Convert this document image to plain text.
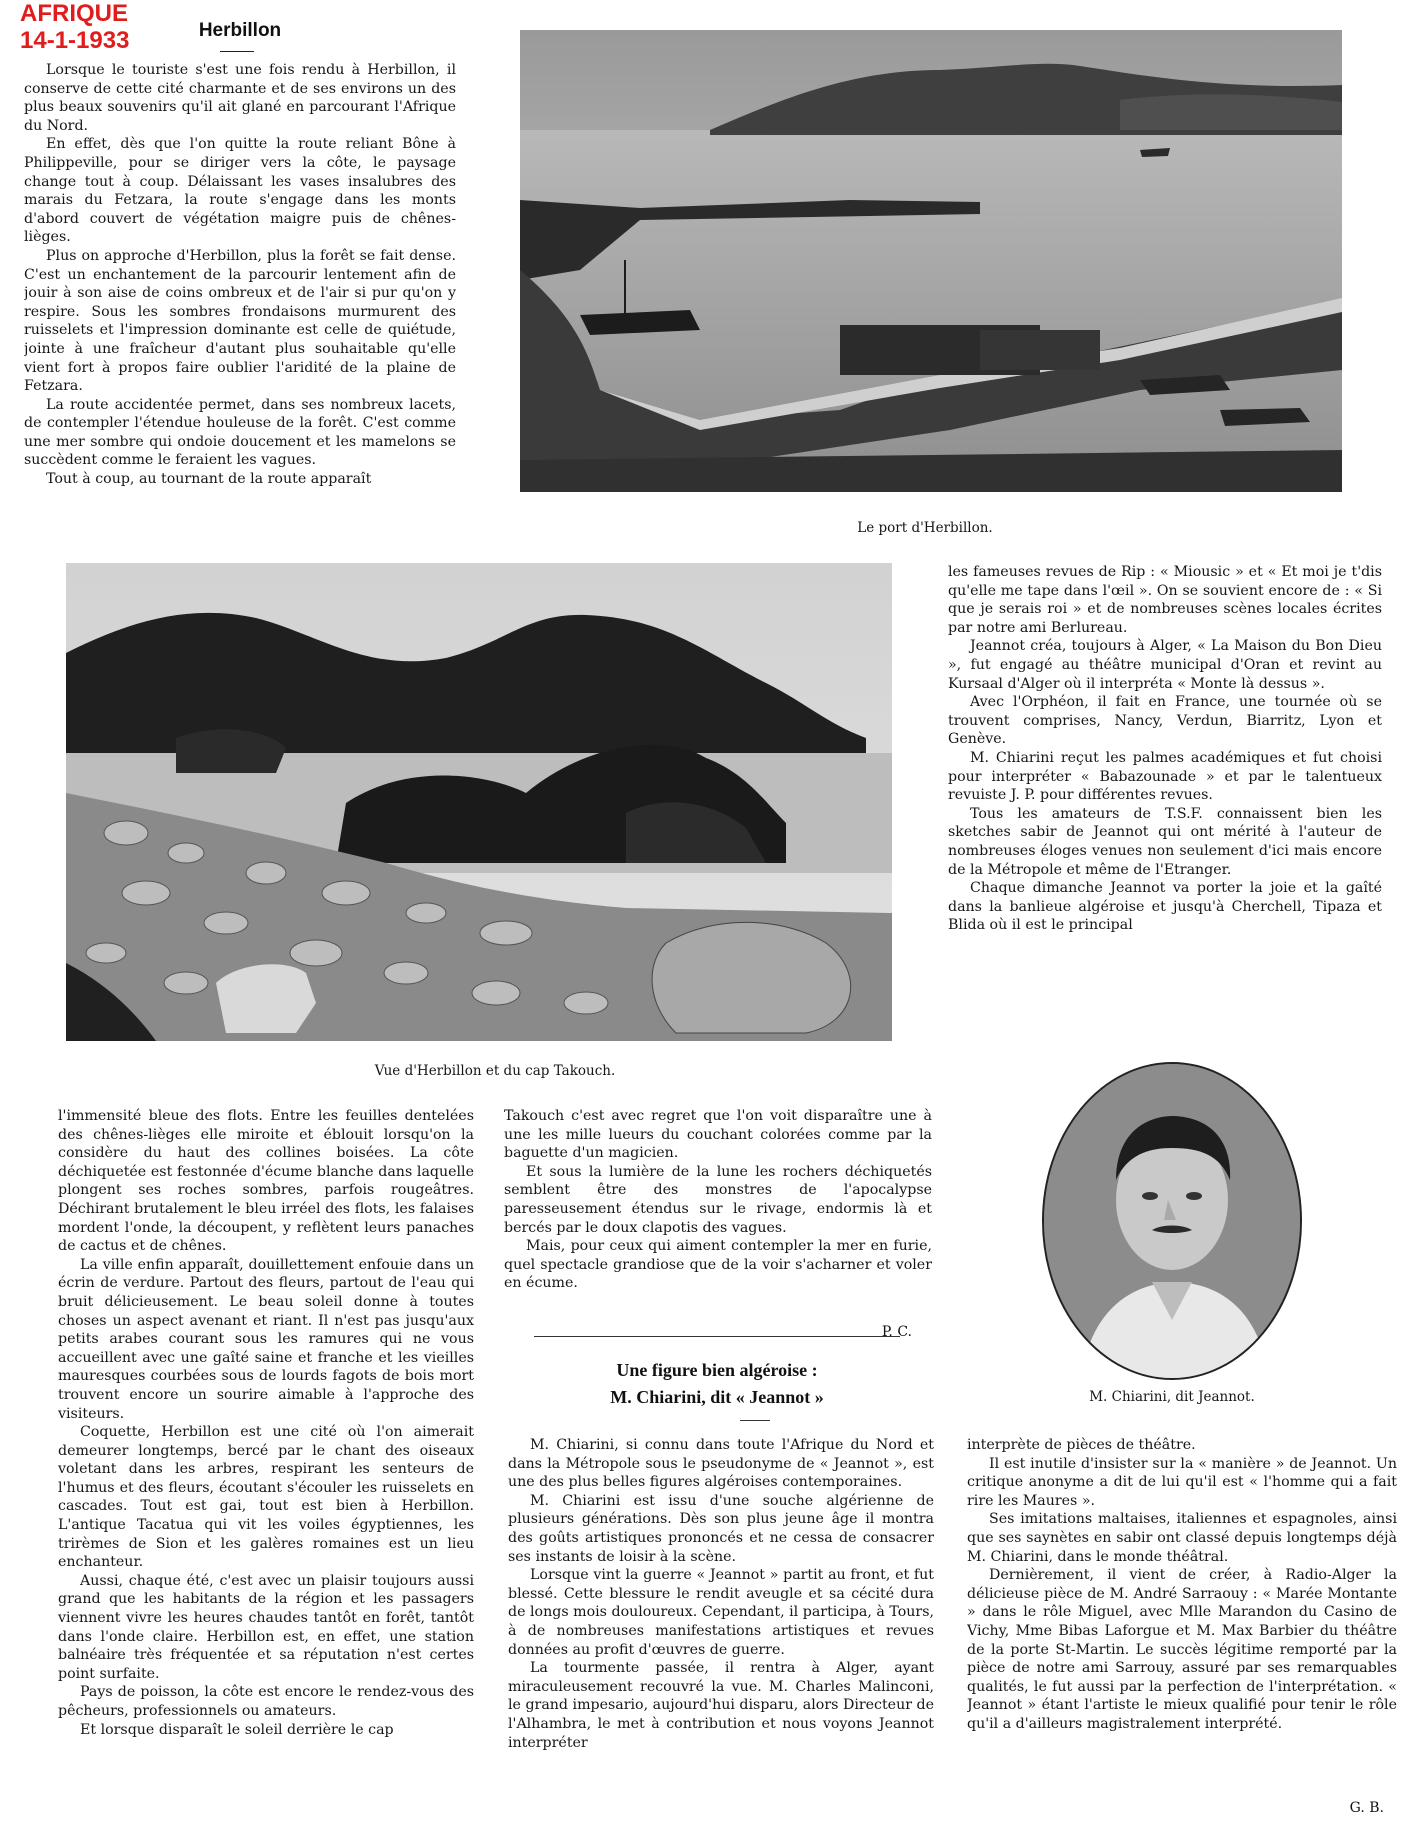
AFRIQUE
14-1-1933	Herbillon

Lorsque le touriste s'est une fois rendu à Herbillon, il conserve de cette cité charmante et de ses environs un des plus beaux souvenirs qu'il ait glané en parcourant l'Afrique du Nord.

En effet, dès que l'on quitte la route reliant Bône à Philippeville, pour se diriger vers la côte, le paysage change tout à coup. Délaissant les vases insalubres des marais du Fetzara, la route s'engage dans les monts d'abord couvert de végétation maigre puis de chênes-lièges.

Plus on approche d'Herbillon, plus la forêt se fait dense. C'est un enchantement de la parcourir lentement afin de jouir à son aise de coins ombreux et de l'air si pur qu'on y respire. Sous les sombres frondaisons murmurent des ruisselets et l'impression dominante est celle de quiétude, jointe à une fraîcheur d'autant plus souhaitable qu'elle vient fort à propos faire oublier l'aridité de la plaine de Fetzara.

La route accidentée permet, dans ses nombreux lacets, de contempler l'étendue houleuse de la forêt. C'est comme une mer sombre qui ondoie doucement et les mamelons se succèdent comme le feraient les vagues.

Tout à coup, au tournant de la route apparaît

Le port d'Herbillon.
Vue d'Herbillon et du cap Takouch.

l'immensité bleue des flots. Entre les feuilles dentelées des chênes-lièges elle miroite et éblouit lorsqu'on la considère du haut des collines boisées. La côte déchiquetée est festonnée d'écume blanche dans laquelle plongent ses roches sombres, parfois rougeâtres. Déchirant brutalement le bleu irréel des flots, les falaises mordent l'onde, la découpent, y reflètent leurs panaches de cactus et de chênes.

La ville enfin apparaît, douillettement enfouie dans un écrin de verdure. Partout des fleurs, partout de l'eau qui bruit délicieusement. Le beau soleil donne à toutes choses un aspect avenant et riant. Il n'est pas jusqu'aux petits arabes courant sous les ramures qui ne vous accueillent avec une gaîté saine et franche et les vieilles mauresques courbées sous de lourds fagots de bois mort trouvent encore un sourire aimable à l'approche des visiteurs.

Coquette, Herbillon est une cité où l'on aimerait demeurer longtemps, bercé par le chant des oiseaux voletant dans les arbres, respirant les senteurs de l'humus et des fleurs, écoutant s'écouler les ruisselets en cascades. Tout est gai, tout est bien à Herbillon. L'antique Tacatua qui vit les voiles égyptiennes, les trirèmes de Sion et les galères romaines est un lieu enchanteur.

Aussi, chaque été, c'est avec un plaisir toujours aussi grand que les habitants de la région et les passagers viennent vivre les heures chaudes tantôt en forêt, tantôt dans l'onde claire. Herbillon est, en effet, une station balnéaire très fréquentée et sa réputation n'est certes point surfaite.

Pays de poisson, la côte est encore le rendez-vous des pêcheurs, professionnels ou amateurs.

Et lorsque disparaît le soleil derrière le cap

Takouch c'est avec regret que l'on voit disparaître une à une les mille lueurs du couchant colorées comme par la baguette d'un magicien.

Et sous la lumière de la lune les rochers déchiquetés semblent être des monstres de l'apocalypse paresseusement étendus sur le rivage, endormis là et bercés par le doux clapotis des vagues.

Mais, pour ceux qui aiment contempler la mer en furie, quel spectacle grandiose que de la voir s'acharner et voler en écume.

P. C.
Une figure bien algéroise :
M. Chiarini, dit « Jeannot »

les fameuses revues de Rip : « Miousic » et « Et moi je t'dis qu'elle me tape dans l'œil ». On se souvient encore de : « Si que je serais roi » et de nombreuses scènes locales écrites par notre ami Berlureau.

Jeannot créa, toujours à Alger, « La Maison du Bon Dieu », fut engagé au théâtre municipal d'Oran et revint au Kursaal d'Alger où il interpréta « Monte là dessus ».

Avec l'Orphéon, il fait en France, une tournée où se trouvent comprises, Nancy, Verdun, Biarritz, Lyon et Genève.

M. Chiarini reçut les palmes académiques et fut choisi pour interpréter « Babazounade » et par le talentueux revuiste J. P. pour différentes revues.

Tous les amateurs de T.S.F. connaissent bien les sketches sabir de Jeannot qui ont mérité à l'auteur de nombreuses éloges venues non seulement d'ici mais encore de la Métropole et même de l'Etranger.

Chaque dimanche Jeannot va porter la joie et la gaîté dans la banlieue algéroise et jusqu'à Cherchell, Tipaza et Blida où il est le principal

M. Chiarini, dit Jeannot.

M. Chiarini, si connu dans toute l'Afrique du Nord et dans la Métropole sous le pseudonyme de « Jeannot », est une des plus belles figures algéroises contemporaines.

M. Chiarini est issu d'une souche algérienne de plusieurs générations. Dès son plus jeune âge il montra des goûts artistiques prononcés et ne cessa de consacrer ses instants de loisir à la scène.

Lorsque vint la guerre « Jeannot » partit au front, et fut blessé. Cette blessure le rendit aveugle et sa cécité dura de longs mois douloureux. Cependant, il participa, à Tours, à de nombreuses manifestations artistiques et revues données au profit d'œuvres de guerre.

La tourmente passée, il rentra à Alger, ayant miraculeusement recouvré la vue. M. Charles Malinconi, le grand impesario, aujourd'hui disparu, alors Directeur de l'Alhambra, le met à contribution et nous voyons Jeannot interpréter

interprète de pièces de théâtre.

Il est inutile d'insister sur la « manière » de Jeannot. Un critique anonyme a dit de lui qu'il est « l'homme qui a fait rire les Maures ».

Ses imitations maltaises, italiennes et espagnoles, ainsi que ses saynètes en sabir ont classé depuis longtemps déjà M. Chiarini, dans le monde théâtral.

Dernièrement, il vient de créer, à Radio-Alger la délicieuse pièce de M. André Sarraouy : « Marée Montante » dans le rôle Miguel, avec Mlle Marandon du Casino de Vichy, Mme Bibas Laforgue et M. Max Barbier du théâtre de la porte St-Martin. Le succès légitime remporté par la pièce de notre ami Sarrouy, assuré par ses remarquables qualités, le fut aussi par la perfection de l'interprétation. « Jeannot » étant l'artiste le mieux qualifié pour tenir le rôle qu'il a d'ailleurs magistralement interprété.

G. B.
